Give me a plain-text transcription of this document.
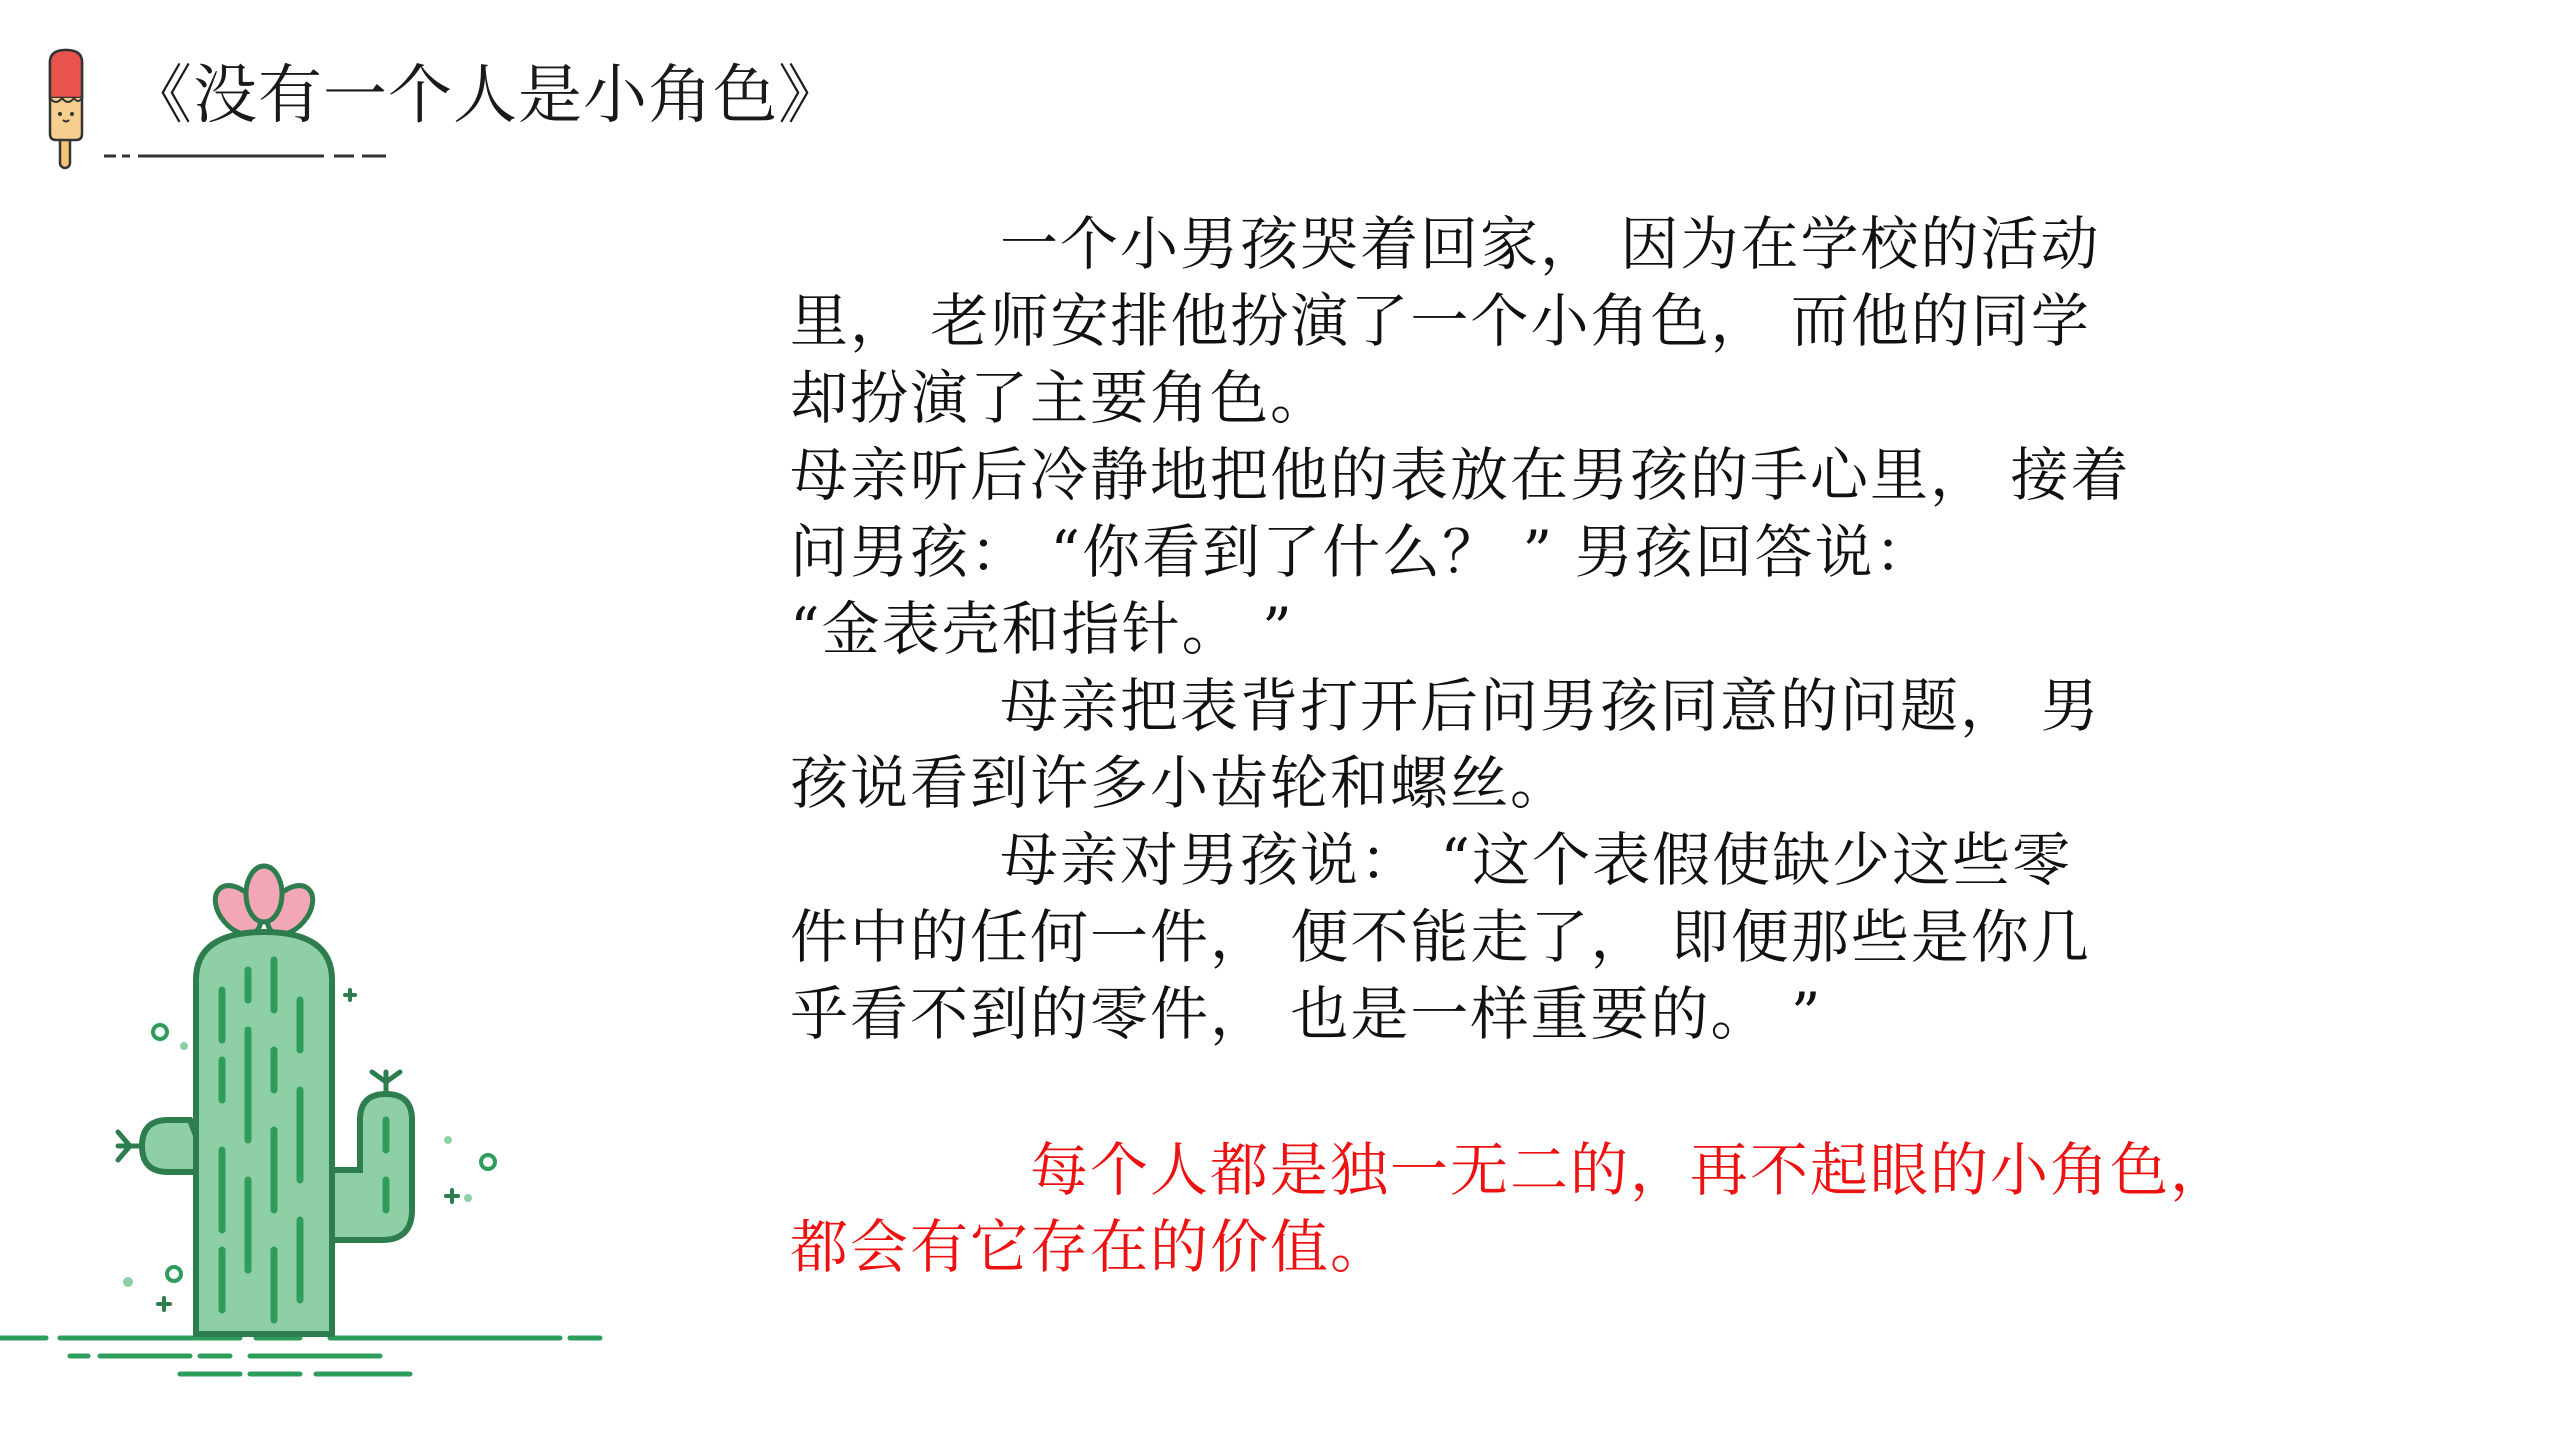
《没有一个人是小角色》

一个小男孩哭着回家， 因为在学校的活动

里， 老师安排他扮演了一个小角色， 而他的同学

却扮演了主要角色。

母亲听后冷静地把他的表放在男孩的手心里， 接着

问男孩： “你看到了什么？ ” 男孩回答说：

“金表壳和指针。 ”

母亲把表背打开后问男孩同意的问题， 男

孩说看到许多小齿轮和螺丝。

母亲对男孩说： “这个表假使缺少这些零

件中的任何一件， 便不能走了， 即便那些是你几

乎看不到的零件， 也是一样重要的。 ”

每个人都是独一无二的，再不起眼的小角色，

都会有它存在的价值。
